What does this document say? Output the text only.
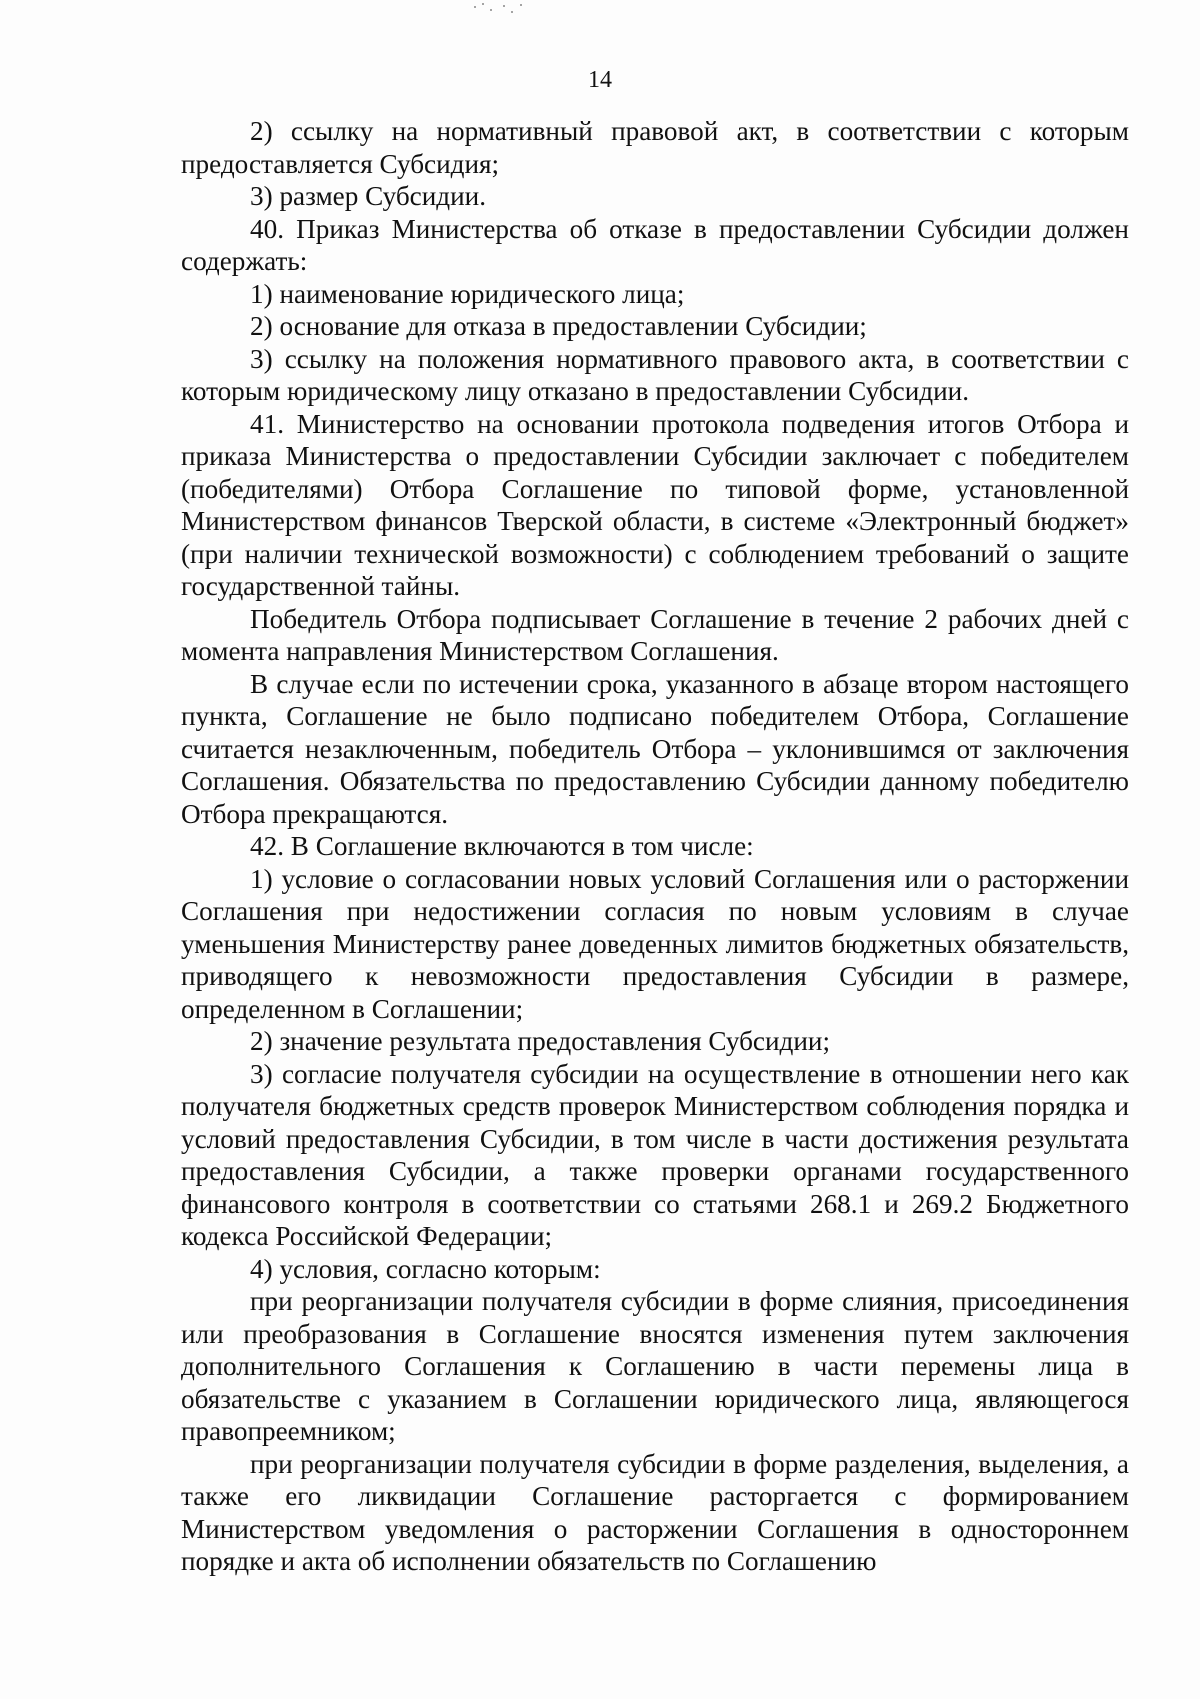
14

2) ссылку на нормативный правовой акт, в соответствии с которым предоставляется Субсидия;

3) размер Субсидии.

40. Приказ Министерства об отказе в предоставлении Субсидии должен содержать:

1) наименование юридического лица;

2) основание для отказа в предоставлении Субсидии;

3) ссылку на положения нормативного правового акта, в соответствии с которым юридическому лицу отказано в предоставлении Субсидии.

41. Министерство на основании протокола подведения итогов Отбора и приказа Министерства о предоставлении Субсидии заключает с победителем (победителями) Отбора Соглашение по типовой форме, установленной Министерством финансов Тверской области, в системе «Электронный бюджет» (при наличии технической возможности) с соблюдением требований о защите государственной тайны.

Победитель Отбора подписывает Соглашение в течение 2 рабочих дней с момента направления Министерством Соглашения.

В случае если по истечении срока, указанного в абзаце втором настоящего пункта, Соглашение не было подписано победителем Отбора, Соглашение считается незаключенным, победитель Отбора – уклонившимся от заключения Соглашения. Обязательства по предоставлению Субсидии данному победителю Отбора прекращаются.

42. В Соглашение включаются в том числе:

1) условие о согласовании новых условий Соглашения или о расторжении Соглашения при недостижении согласия по новым условиям в случае уменьшения Министерству ранее доведенных лимитов бюджетных обязательств, приводящего к невозможности предоставления Субсидии в размере, определенном в Соглашении;

2) значение результата предоставления Субсидии;

3) согласие получателя субсидии на осуществление в отношении него как получателя бюджетных средств проверок Министерством соблюдения порядка и условий предоставления Субсидии, в том числе в части достижения результата предоставления Субсидии, а также проверки органами государственного финансового контроля в соответствии со статьями 268.1 и 269.2 Бюджетного кодекса Российской Федерации;

4) условия, согласно которым:

при реорганизации получателя субсидии в форме слияния, присоединения или преобразования в Соглашение вносятся изменения путем заключения дополнительного Соглашения к Соглашению в части перемены лица в обязательстве с указанием в Соглашении юридического лица, являющегося правопреемником;

при реорганизации получателя субсидии в форме разделения, выделения, а также его ликвидации Соглашение расторгается с формированием Министерством уведомления о расторжении Соглашения в одностороннем порядке и акта об исполнении обязательств по Соглашению
